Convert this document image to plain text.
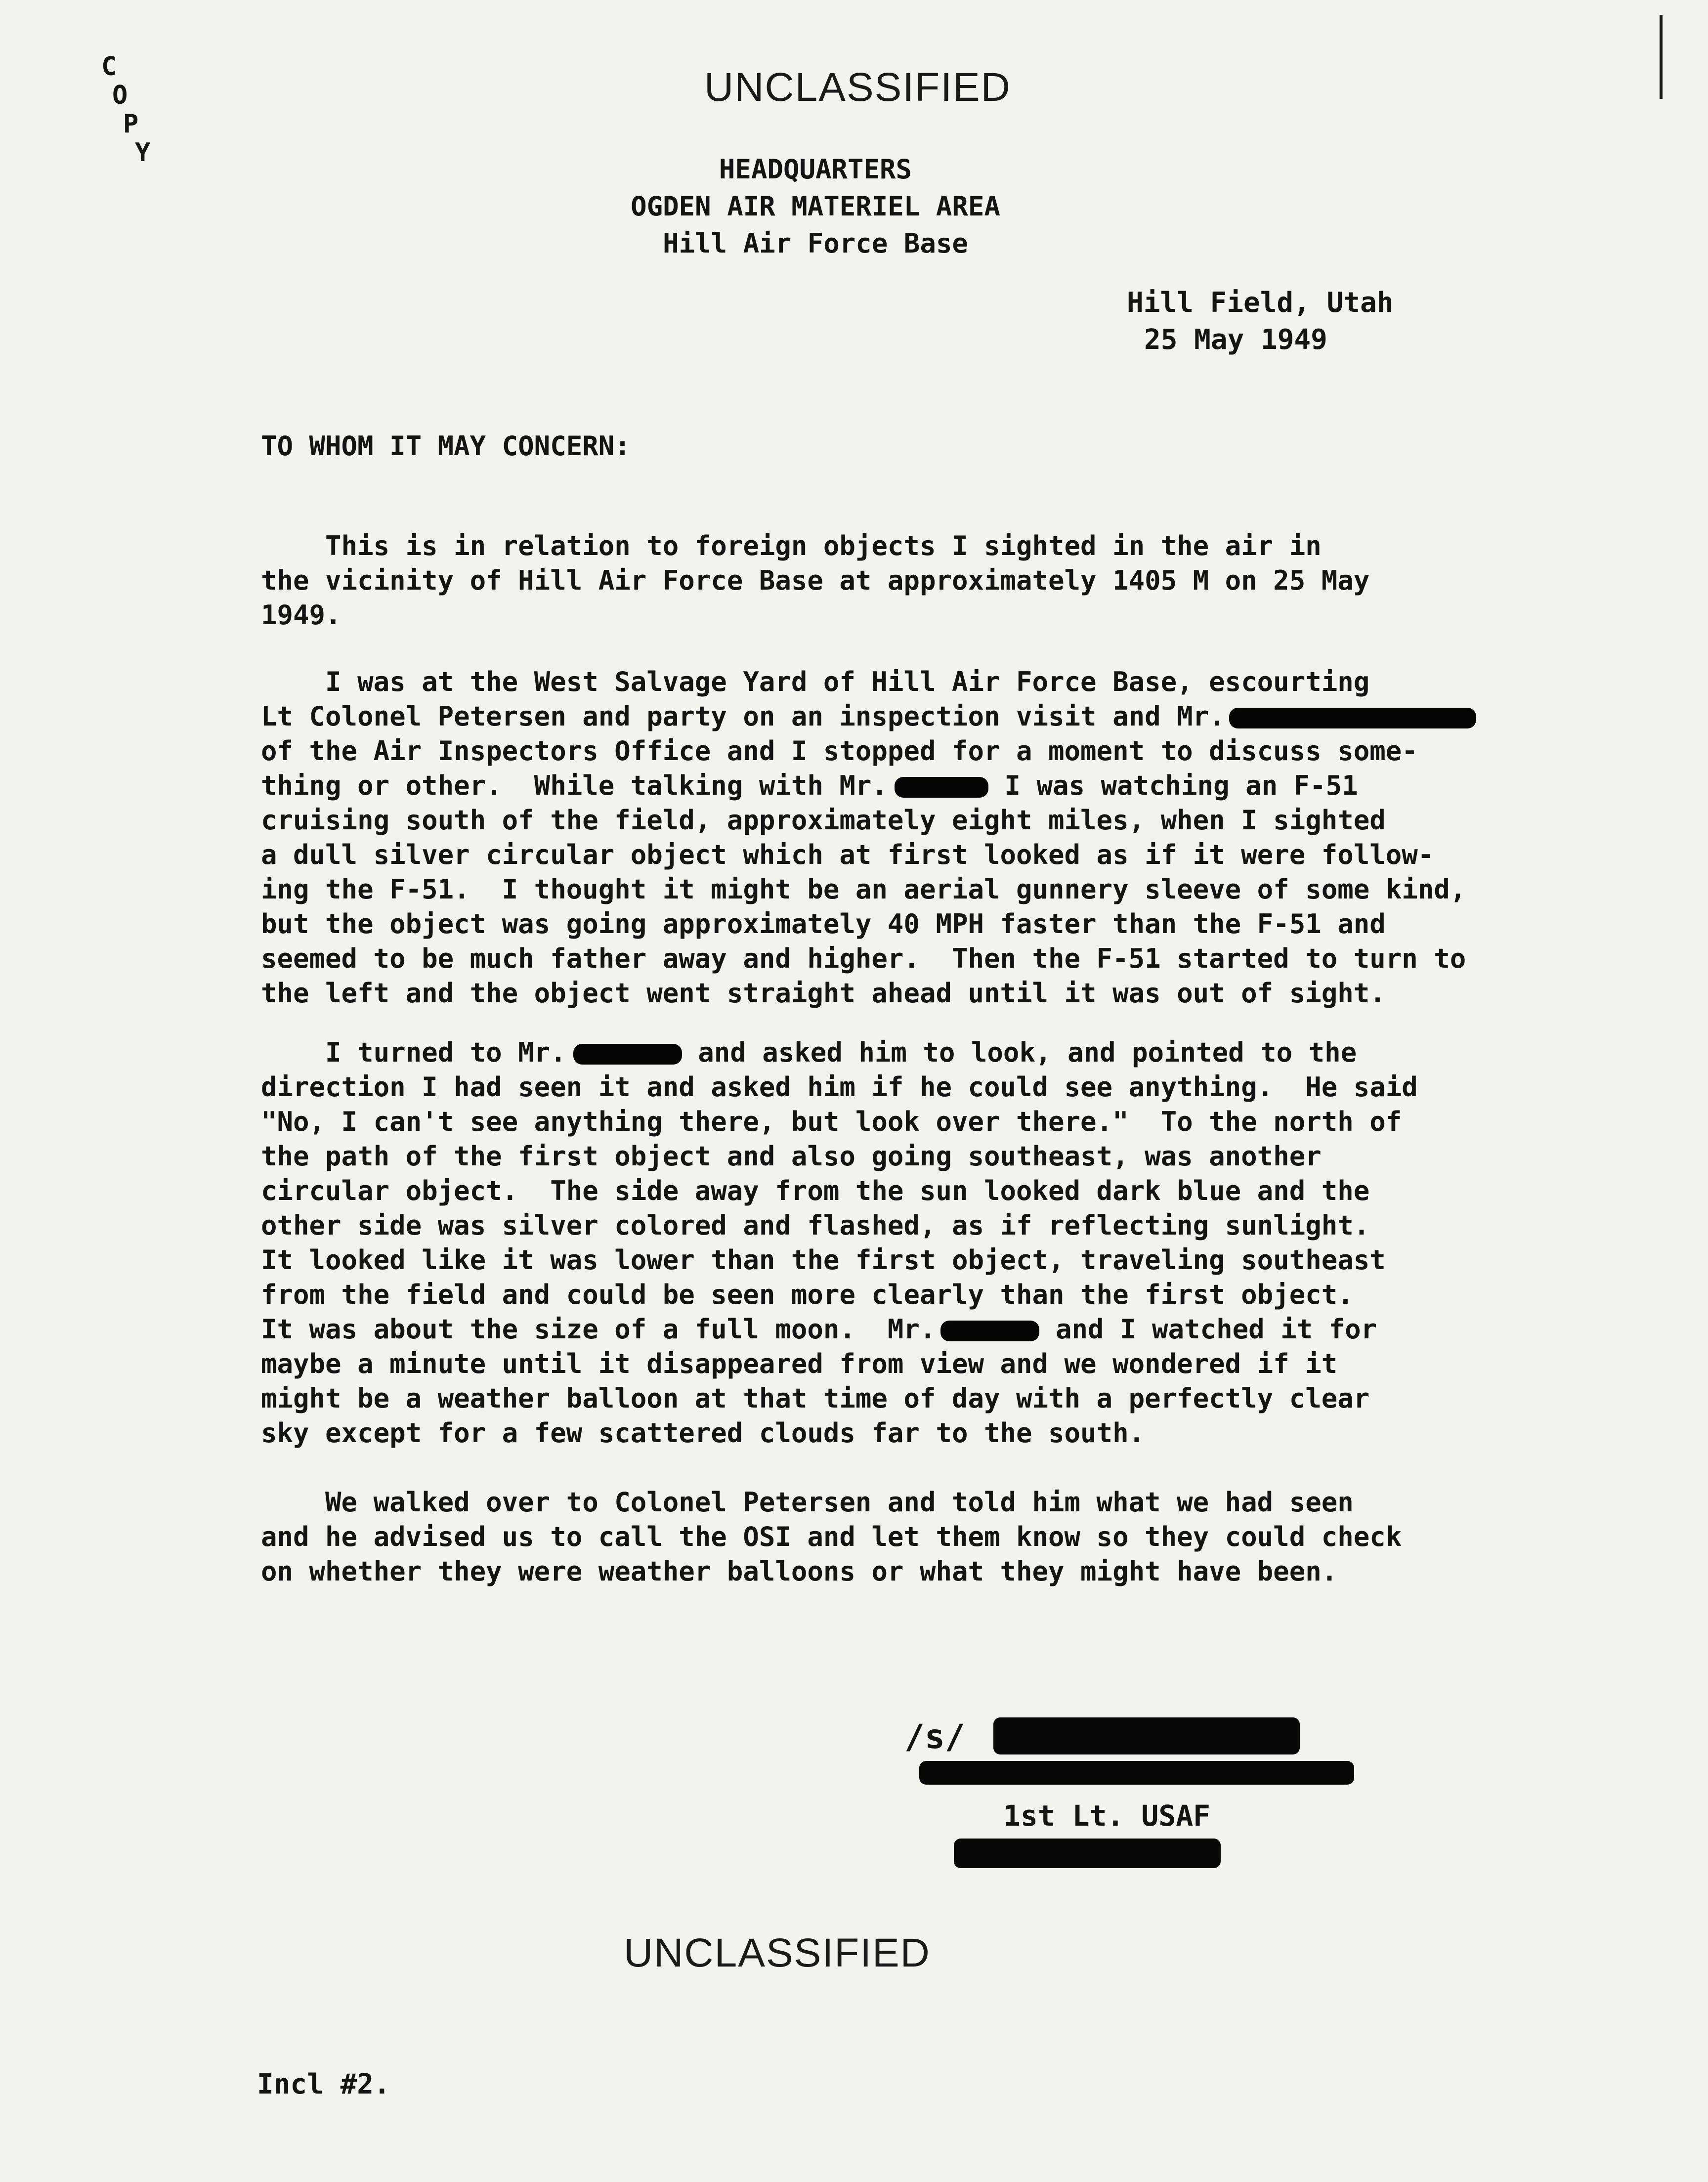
C
O
P
Y
UNCLASSIFIED
HEADQUARTERS
OGDEN AIR MATERIEL AREA
Hill Air Force Base
Hill Field, Utah
25 May 1949
TO WHOM IT MAY CONCERN:
This is in relation to foreign objects I sighted in the air in
the vicinity of Hill Air Force Base at approximately 1405 M on 25 May
1949.
I was at the West Salvage Yard of Hill Air Force Base, escourting
Lt Colonel Petersen and party on an inspection visit and Mr.
of the Air Inspectors Office and I stopped for a moment to discuss some-
thing or other.  While talking with Mr.	I was watching an F-51
cruising south of the field, approximately eight miles, when I sighted
a dull silver circular object which at first looked as if it were follow-
ing the F-51.  I thought it might be an aerial gunnery sleeve of some kind,
but the object was going approximately 40 MPH faster than the F-51 and
seemed to be much father away and higher.  Then the F-51 started to turn to
the left and the object went straight ahead until it was out of sight.
I turned to Mr.	and asked him to look, and pointed to the
direction I had seen it and asked him if he could see anything.  He said
"No, I can't see anything there, but look over there."  To the north of
the path of the first object and also going southeast, was another
circular object.  The side away from the sun looked dark blue and the
other side was silver colored and flashed, as if reflecting sunlight.
It looked like it was lower than the first object, traveling southeast
from the field and could be seen more clearly than the first object.
It was about the size of a full moon.  Mr.	and I watched it for
maybe a minute until it disappeared from view and we wondered if it
might be a weather balloon at that time of day with a perfectly clear
sky except for a few scattered clouds far to the south.
We walked over to Colonel Petersen and told him what we had seen
and he advised us to call the OSI and let them know so they could check
on whether they were weather balloons or what they might have been.
/s/
1st Lt. USAF
UNCLASSIFIED
Incl #2.
